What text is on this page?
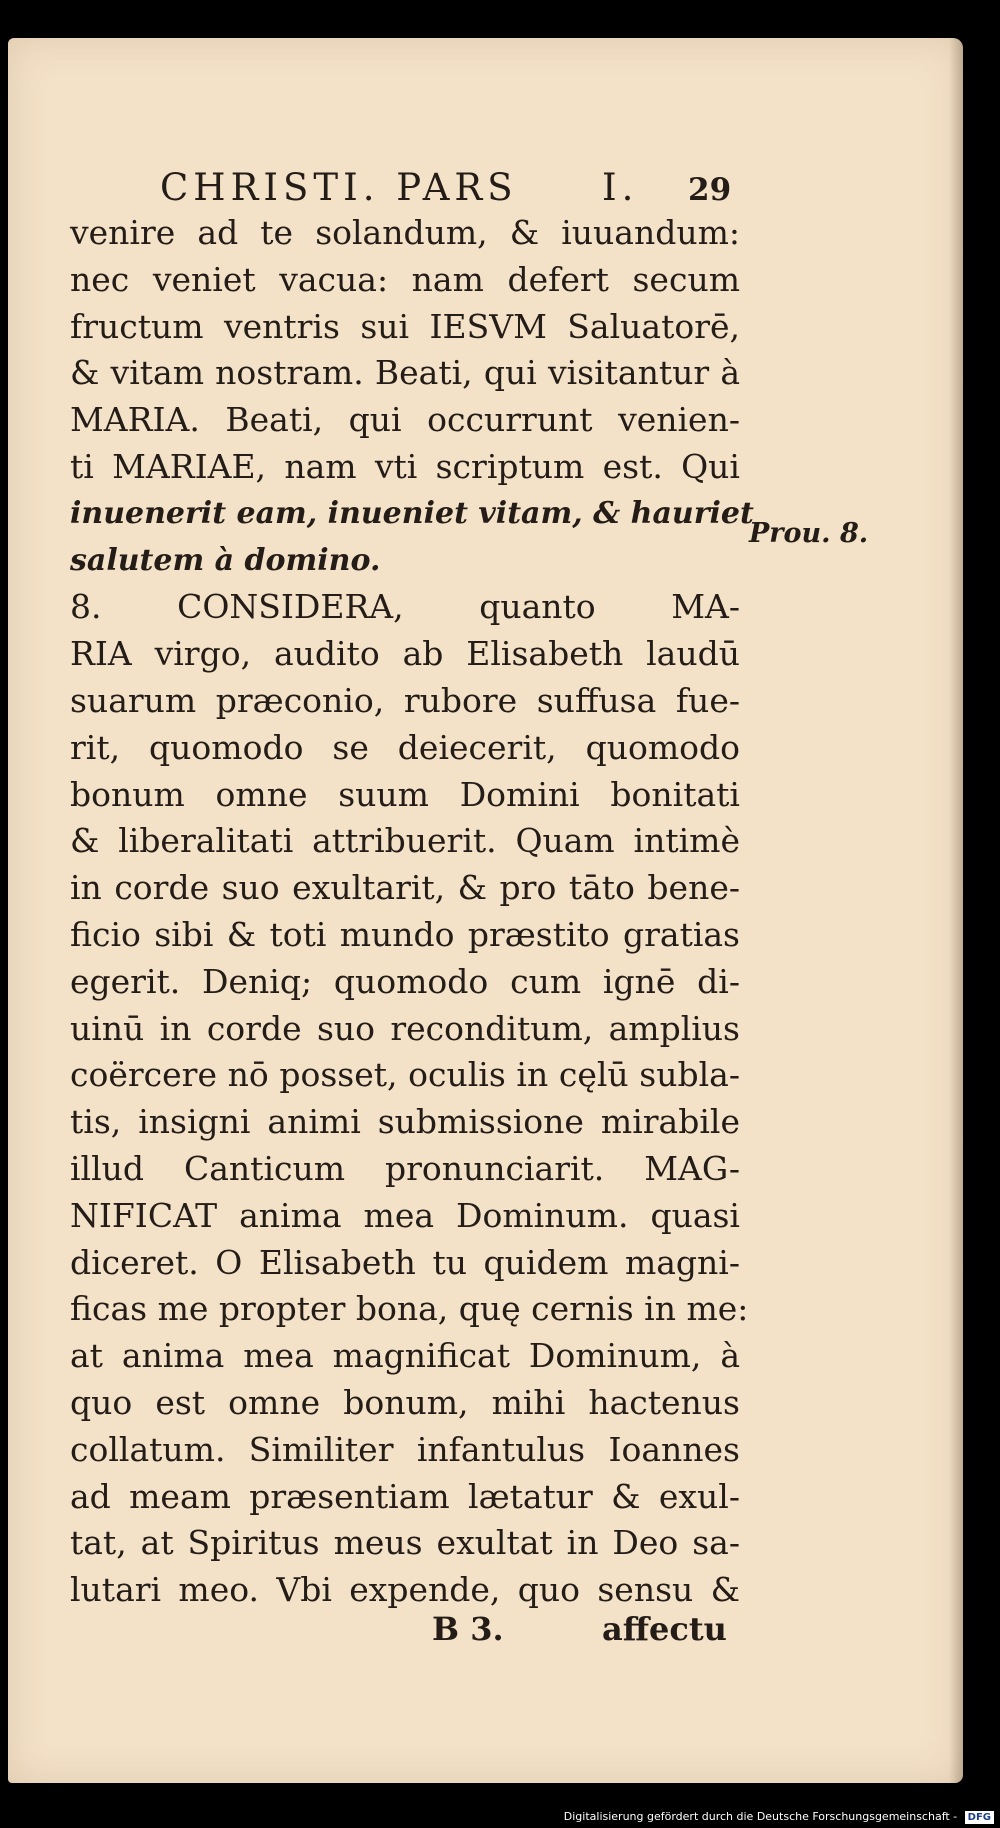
CHRISTI. PARS I. 29
venire ad te solandum, & iuuandum:
nec veniet vacua: nam defert secum
fructum ventris sui IESVM Saluatorē,
& vitam nostram. Beati, qui visitantur à
MARIA. Beati, qui occurrunt venien-
ti MARIAE, nam vti scriptum est. Qui
inuenerit eam, inueniet vitam, & hauriet
salutem à domino.
8. CONSIDERA, quanto MA-
RIA virgo, audito ab Elisabeth laudū
suarum præconio, rubore suffusa fue-
rit, quomodo se deiecerit, quomodo
bonum omne suum Domini bonitati
& liberalitati attribuerit. Quam intimè
in corde suo exultarit, & pro tāto bene-
ficio sibi & toti mundo præstito gratias
egerit. Deniq; quomodo cum ignē di-
uinū in corde suo reconditum, amplius
coërcere nō posset, oculis in cęlū subla-
tis, insigni animi submissione mirabile
illud Canticum pronunciarit. MAG-
NIFICAT anima mea Dominum. quasi
diceret. O Elisabeth tu quidem magni-
ficas me propter bona, quę cernis in me:
at anima mea magnificat Dominum, à
quo est omne bonum, mihi hactenus
collatum. Similiter infantulus Ioannes
ad meam præsentiam lætatur & exul-
tat, at Spiritus meus exultat in Deo sa-
lutari meo. Vbi expende, quo sensu &
Prou. 8.
B 3.	affectu
Digitalisierung gefördert durch die Deutsche Forschungsgemeinschaft - DFG
